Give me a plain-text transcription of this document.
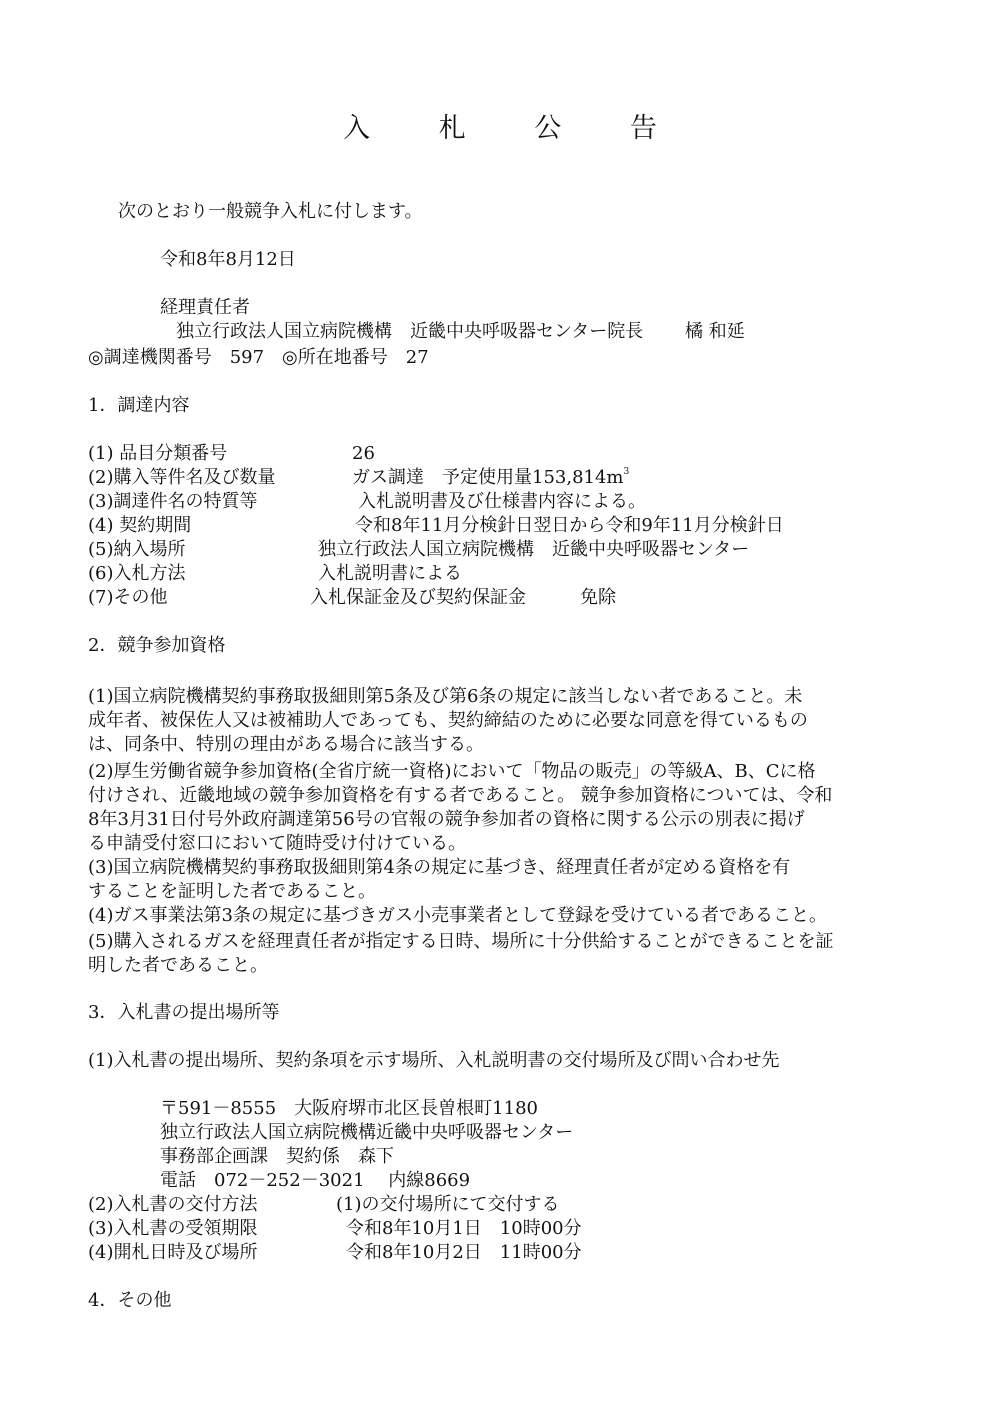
入 札 公 告
次のとおり一般競争入札に付します。
令和8年8月12日
経理責任者
独立行政法人国立病院機構　近畿中央呼吸器センター院長　　 橘 和延
◎調達機関番号　597　◎所在地番号　27
1．調達内容
(1) 品目分類番号	26
(2)購入等件名及び数量	ガス調達　予定使用量$153,814m^3$
(3)調達件名の特質等	入札説明書及び仕様書内容による。
(4) 契約期間	令和8年11月分検針日翌日から令和9年11月分検針日
(5)納入場所	独立行政法人国立病院機構　近畿中央呼吸器センター
(6)入札方法	入札説明書による
(7)その他	入札保証金及び契約保証金　　　免除
2．競争参加資格
(1)国立病院機構契約事務取扱細則第5条及び第6条の規定に該当しない者であること。未
成年者、被保佐人又は被補助人であっても、契約締結のために必要な同意を得ているもの
は、同条中、特別の理由がある場合に該当する。
(2)厚生労働省競争参加資格(全省庁統一資格)において「物品の販売」の等級A、B、Cに格
付けされ、近畿地域の競争参加資格を有する者であること。 競争参加資格については、令和
8年3月31日付号外政府調達第56号の官報の競争参加者の資格に関する公示の別表に掲げ
る申請受付窓口において随時受け付けている。
(3)国立病院機構契約事務取扱細則第4条の規定に基づき、経理責任者が定める資格を有
することを証明した者であること。
(4)ガス事業法第3条の規定に基づきガス小売事業者として登録を受けている者であること。
(5)購入されるガスを経理責任者が指定する日時、場所に十分供給することができることを証
明した者であること。
3．入札書の提出場所等
(1)入札書の提出場所、契約条項を示す場所、入札説明書の交付場所及び問い合わせ先
〒591－8555　大阪府堺市北区長曽根町1180
独立行政法人国立病院機構近畿中央呼吸器センター
事務部企画課　契約係　森下
電話　072－252－3021　 内線8669
(2)入札書の交付方法	(1)の交付場所にて交付する
(3)入札書の受領期限	令和8年10月1日　10時00分
(4)開札日時及び場所	令和8年10月2日　11時00分
4．その他
